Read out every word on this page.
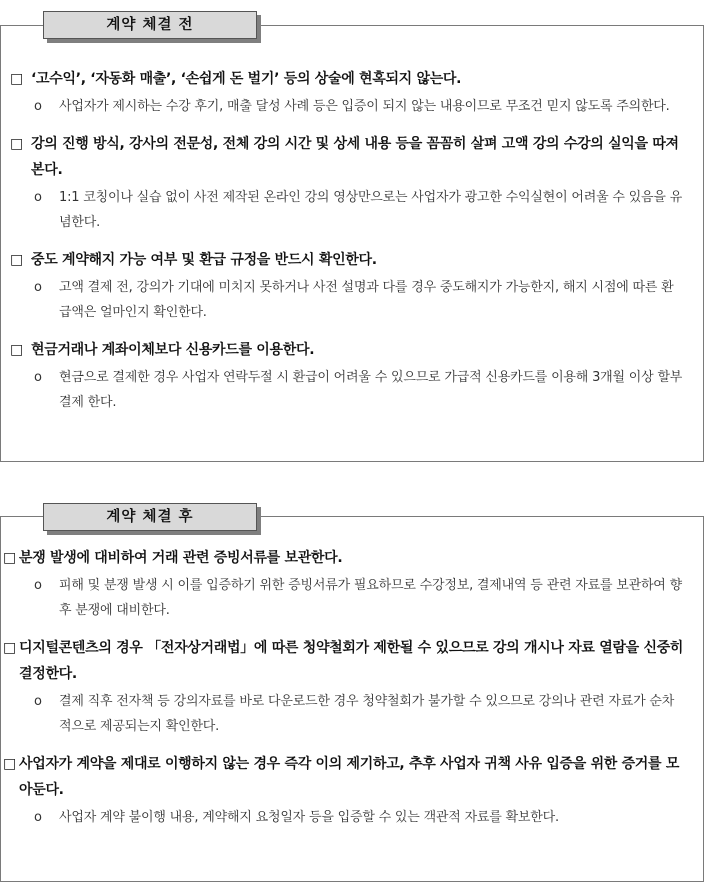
□ ‘고수익’, ‘자동화 매출’, ‘손쉽게 돈 벌기’ 등의 상술에 현혹되지 않는다.
o	사업자가 제시하는 수강 후기, 매출 달성 사례 등은 입증이 되지 않는 내용이므로 무조건 믿지 않도록 주의한다.
□ 강의 진행 방식, 강사의 전문성, 전체 강의 시간 및 상세 내용 등을 꼼꼼히 살펴 고액 강의 수강의 실익을 따져본다.
o	1:1 코칭이나 실습 없이 사전 제작된 온라인 강의 영상만으로는 사업자가 광고한 수익실현이 어려울 수 있음을 유념한다.
□ 중도 계약해지 가능 여부 및 환급 규정을 반드시 확인한다.
o	고액 결제 전, 강의가 기대에 미치지 못하거나 사전 설명과 다를 경우 중도해지가 가능한지, 해지 시점에 따른 환급액은 얼마인지 확인한다.
□ 현금거래나 계좌이체보다 신용카드를 이용한다.
o	현금으로 결제한 경우 사업자 연락두절 시 환급이 어려울 수 있으므로 가급적 신용카드를 이용해 3개월 이상 할부결제 한다.
계약 체결 전
□ 분쟁 발생에 대비하여 거래 관련 증빙서류를 보관한다.
o	피해 및 분쟁 발생 시 이를 입증하기 위한 증빙서류가 필요하므로 수강정보, 결제내역 등 관련 자료를 보관하여 향후 분쟁에 대비한다.
□ 디지털콘텐츠의 경우 「전자상거래법」에 따른 청약철회가 제한될 수 있으므로 강의 개시나 자료 열람을 신중히 결정한다.
o	결제 직후 전자책 등 강의자료를 바로 다운로드한 경우 청약철회가 불가할 수 있으므로 강의나 관련 자료가 순차적으로 제공되는지 확인한다.
□ 사업자가 계약을 제대로 이행하지 않는 경우 즉각 이의 제기하고, 추후 사업자 귀책 사유 입증을 위한 증거를 모아둔다.
o	사업자 계약 불이행 내용, 계약해지 요청일자 등을 입증할 수 있는 객관적 자료를 확보한다.
계약 체결 후
